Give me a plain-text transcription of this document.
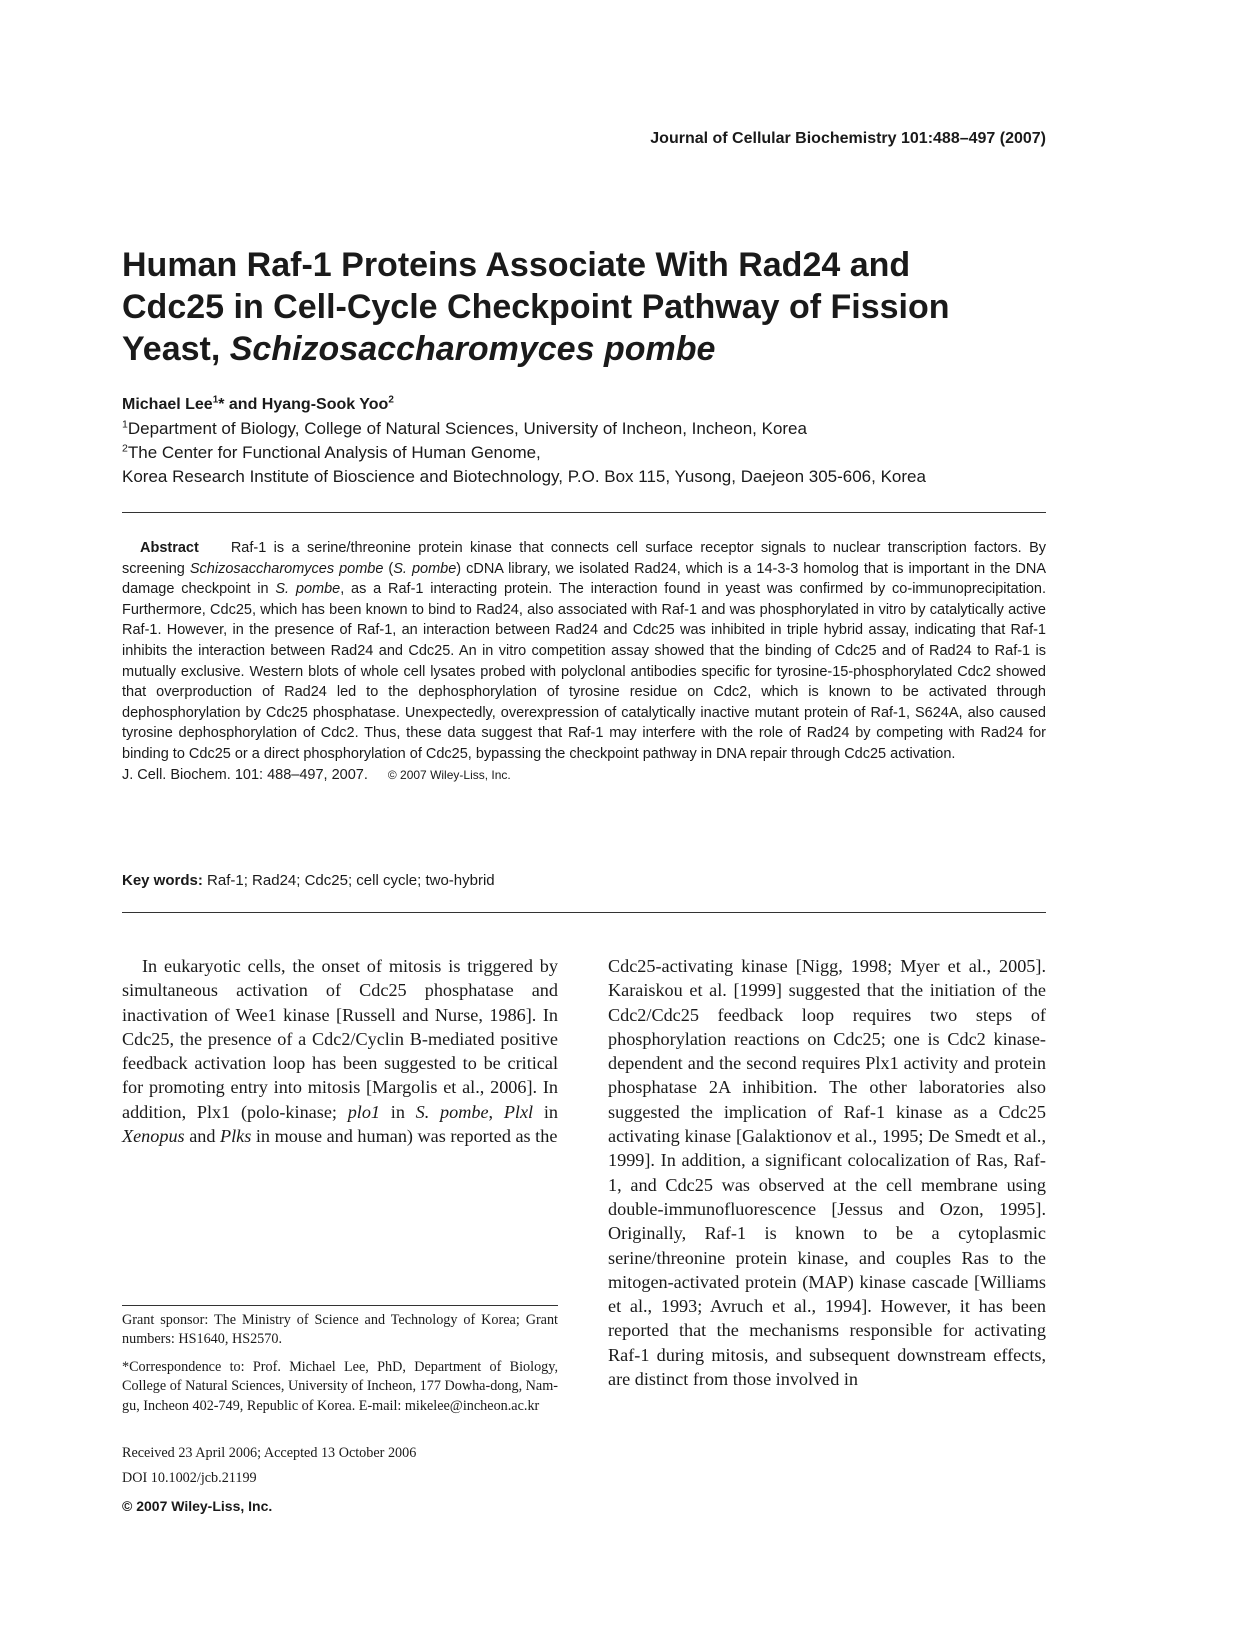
Journal of Cellular Biochemistry 101:488–497 (2007)
Human Raf-1 Proteins Associate With Rad24 and
Cdc25 in Cell-Cycle Checkpoint Pathway of Fission
Yeast, Schizosaccharomyces pombe
Michael Lee$^1$* and Hyang-Sook Yoo$^2$
$^1$Department of Biology, College of Natural Sciences, University of Incheon, Incheon, Korea
$^2$The Center for Functional Analysis of Human Genome,
Korea Research Institute of Bioscience and Biotechnology, P.O. Box 115, Yusong, Daejeon 305-606, Korea

Abstract Raf-1 is a serine/threonine protein kinase that connects cell surface receptor signals to nuclear transcription factors. By screening Schizosaccharomyces pombe (S. pombe) cDNA library, we isolated Rad24, which is a 14-3-3 homolog that is important in the DNA damage checkpoint in S. pombe, as a Raf-1 interacting protein. The interaction found in yeast was confirmed by co-immunoprecipitation. Furthermore, Cdc25, which has been known to bind to Rad24, also associated with Raf-1 and was phosphorylated in vitro by catalytically active Raf-1. However, in the presence of Raf-1, an interaction between Rad24 and Cdc25 was inhibited in triple hybrid assay, indicating that Raf-1 inhibits the interaction between Rad24 and Cdc25. An in vitro competition assay showed that the binding of Cdc25 and of Rad24 to Raf-1 is mutually exclusive. Western blots of whole cell lysates probed with polyclonal antibodies specific for tyrosine-15-phosphorylated Cdc2 showed that overproduction of Rad24 led to the dephosphorylation of tyrosine residue on Cdc2, which is known to be activated through dephosphorylation by Cdc25 phosphatase. Unexpectedly, overexpression of catalytically inactive mutant protein of Raf-1, S624A, also caused tyrosine dephosphorylation of Cdc2. Thus, these data suggest that Raf-1 may interfere with the role of Rad24 by competing with Rad24 for binding to Cdc25 or a direct phosphorylation of Cdc25, bypassing the checkpoint pathway in DNA repair through Cdc25 activation.
J. Cell. Biochem. 101: 488–497, 2007. © 2007 Wiley-Liss, Inc.

Key words: Raf-1; Rad24; Cdc25; cell cycle; two-hybrid

In eukaryotic cells, the onset of mitosis is triggered by simultaneous activation of Cdc25 phosphatase and inactivation of Wee1 kinase [Russell and Nurse, 1986]. In Cdc25, the presence of a Cdc2/Cyclin B-mediated positive feedback activation loop has been suggested to be critical for promoting entry into mitosis [Margolis et al., 2006]. In addition, Plx1 (polo-kinase; plo1 in S. pombe, Plxl in Xenopus and Plks in mouse and human) was reported as the

Cdc25-activating kinase [Nigg, 1998; Myer et al., 2005]. Karaiskou et al. [1999] suggested that the initiation of the Cdc2/Cdc25 feedback loop requires two steps of phosphorylation reactions on Cdc25; one is Cdc2 kinase-dependent and the second requires Plx1 activity and protein phosphatase 2A inhibition. The other laboratories also suggested the implication of Raf-1 kinase as a Cdc25 activating kinase [Galaktionov et al., 1995; De Smedt et al., 1999]. In addition, a significant colocalization of Ras, Raf-1, and Cdc25 was observed at the cell membrane using double-immunofluorescence [Jessus and Ozon, 1995]. Originally, Raf-1 is known to be a cytoplasmic serine/threonine protein kinase, and couples Ras to the mitogen-activated protein (MAP) kinase cascade [Williams et al., 1993; Avruch et al., 1994]. However, it has been reported that the mechanisms responsible for activating Raf-1 during mitosis, and subsequent downstream effects, are distinct from those involved in

Grant sponsor: The Ministry of Science and Technology of Korea; Grant numbers: HS1640, HS2570.

*Correspondence to: Prof. Michael Lee, PhD, Department of Biology, College of Natural Sciences, University of Incheon, 177 Dowha-dong, Nam-gu, Incheon 402-749, Republic of Korea. E-mail: mikelee@incheon.ac.kr

Received 23 April 2006; Accepted 13 October 2006

DOI 10.1002/jcb.21199

© 2007 Wiley-Liss, Inc.
